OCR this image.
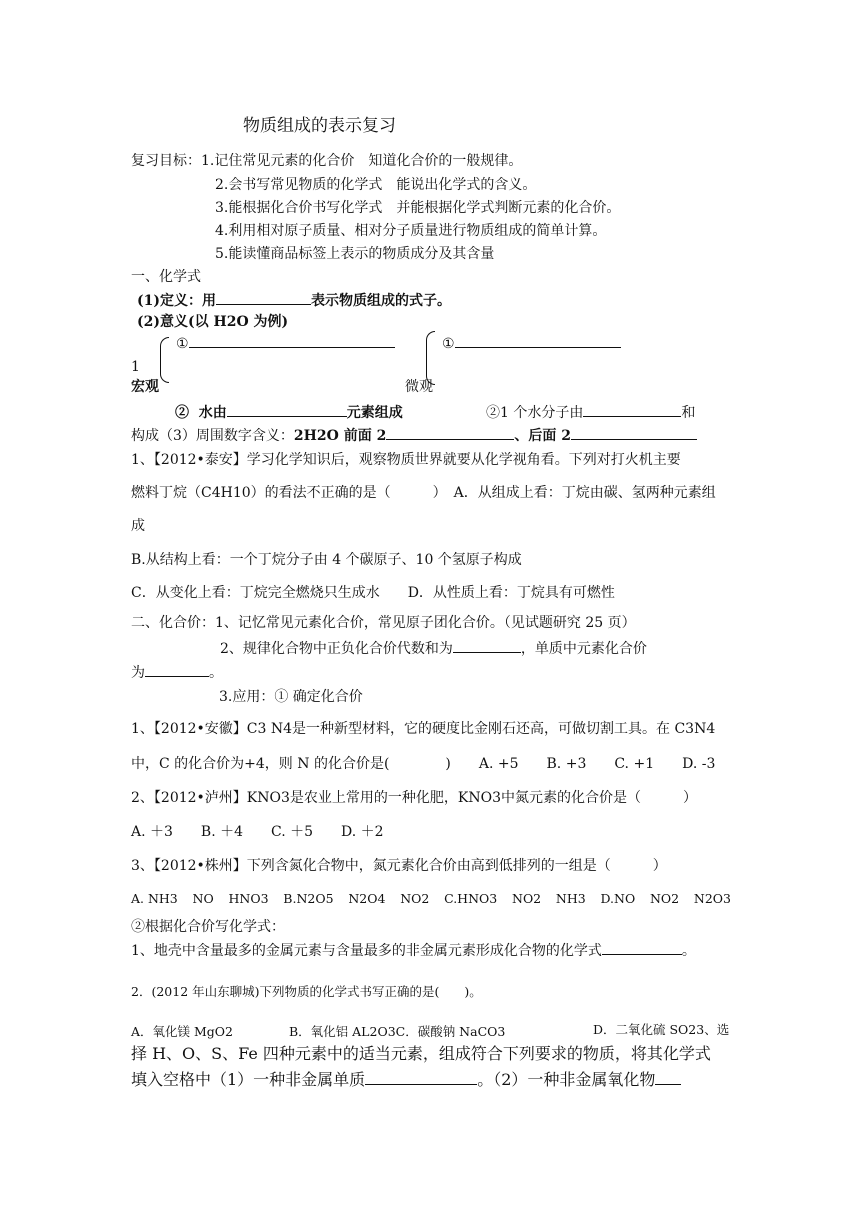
物质组成的表示复习
复习目标：1.记住常见元素的化合价　知道化合价的一般规律。
2.会书写常见物质的化学式　能说出化学式的含义。
3.能根据化合价书写化学式　并能根据化学式判断元素的化合价。
4.利用相对原子质量、相对分子质量进行物质组成的简单计算。
5.能读懂商品标签上表示的物质成分及其含量
一、化学式
(1)定义：用	表示物质组成的式子。
(2)意义(以 H2O 为例)
①
1
宏观
①
微观
② 水由	元素组成	②1 个水分子由	和
构成（3）周围数字含义：2H2O 前面 2	、后面 2
1、【2012•泰安】学习化学知识后，观察物质世界就要从化学视角看。下列对打火机主要
燃料丁烷（C4H10）的看法不正确的是（　　　）　A．从组成上看：丁烷由碳、氢两种元素组
成
B.从结构上看：一个丁烷分子由 4 个碳原子、10 个氢原子构成
C．从变化上看：丁烷完全燃烧只生成水　　D．从性质上看：丁烷具有可燃性
二、化合价：1、记忆常见元素化合价，常见原子团化合价。（见试题研究 25 页）
2、规律化合物中正负化合价代数和为	，单质中元素化合价
为	。
3.应用：① 确定化合价
1、【2012•安徽】C3 N4是一种新型材料，它的硬度比金刚石还高，可做切割工具。在 C3N4
中，C 的化合价为+4，则 N 的化合价是(　　　　)　　A. +5　　B. +3　　C. +1　　D. -3
2、【2012•泸州】KNO3是农业上常用的一种化肥，KNO3中氮元素的化合价是（　　　）
A. ＋3　　B. ＋4　　C. ＋5　　D. ＋2
3、【2012•株州】下列含氮化合物中，氮元素化合价由高到低排列的一组是（　　　）
A. NH3 NO HNO3 B.N2O5 N2O4 NO2 C.HNO3 NO2 NH3 D.NO NO2 N2O3
②根据化合价写化学式：
1、地壳中含量最多的金属元素与含量最多的非金属元素形成化合物的化学式	。
2．(2012 年山东聊城)下列物质的化学式书写正确的是(　　)。
A．氧化镁 MgO2	B．氧化铝 AL2O3C．碳酸钠 NaCO3	D．二氧化硫 SO23、选
择 H、O、S、Fe 四种元素中的适当元素，组成符合下列要求的物质，将其化学式
填入空格中（1）一种非金属单质	。（2）一种非金属氧化物
